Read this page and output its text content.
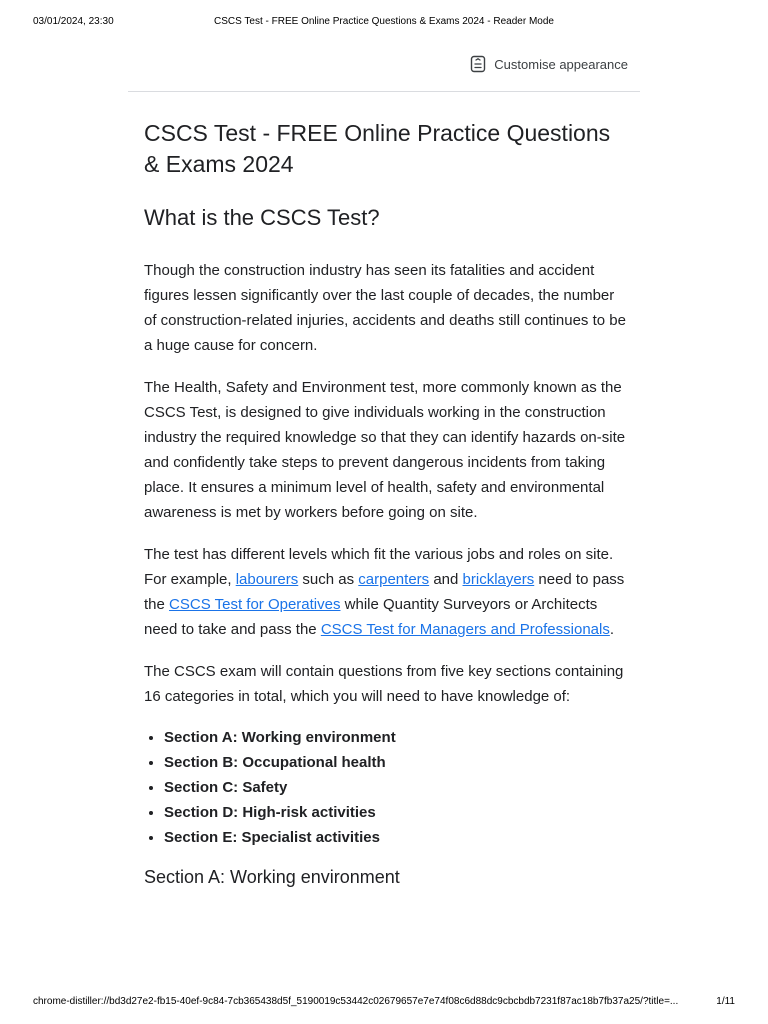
03/01/2024, 23:30	CSCS Test - FREE Online Practice Questions & Exams 2024 - Reader Mode
Customise appearance
CSCS Test - FREE Online Practice Questions & Exams 2024
What is the CSCS Test?

Though the construction industry has seen its fatalities and accident figures lessen significantly over the last couple of decades, the number of construction-related injuries, accidents and deaths still continues to be a huge cause for concern.

The Health, Safety and Environment test, more commonly known as the CSCS Test, is designed to give individuals working in the construction industry the required knowledge so that they can identify hazards on-site and confidently take steps to prevent dangerous incidents from taking place. It ensures a minimum level of health, safety and environmental awareness is met by workers before going on site.

The test has different levels which fit the various jobs and roles on site. For example, labourers such as carpenters and bricklayers need to pass the CSCS Test for Operatives while Quantity Surveyors or Architects need to take and pass the CSCS Test for Managers and Professionals.

The CSCS exam will contain questions from five key sections containing 16 categories in total, which you will need to have knowledge of:

• Section A: Working environment
• Section B: Occupational health
• Section C: Safety
• Section D: High-risk activities
• Section E: Specialist activities
Section A: Working environment
chrome-distiller://bd3d27e2-fb15-40ef-9c84-7cb365438d5f_5190019c53442c02679657e7e74f08c6d88dc9cbcbdb7231f87ac18b7fb37a25/?title=...	1/11
